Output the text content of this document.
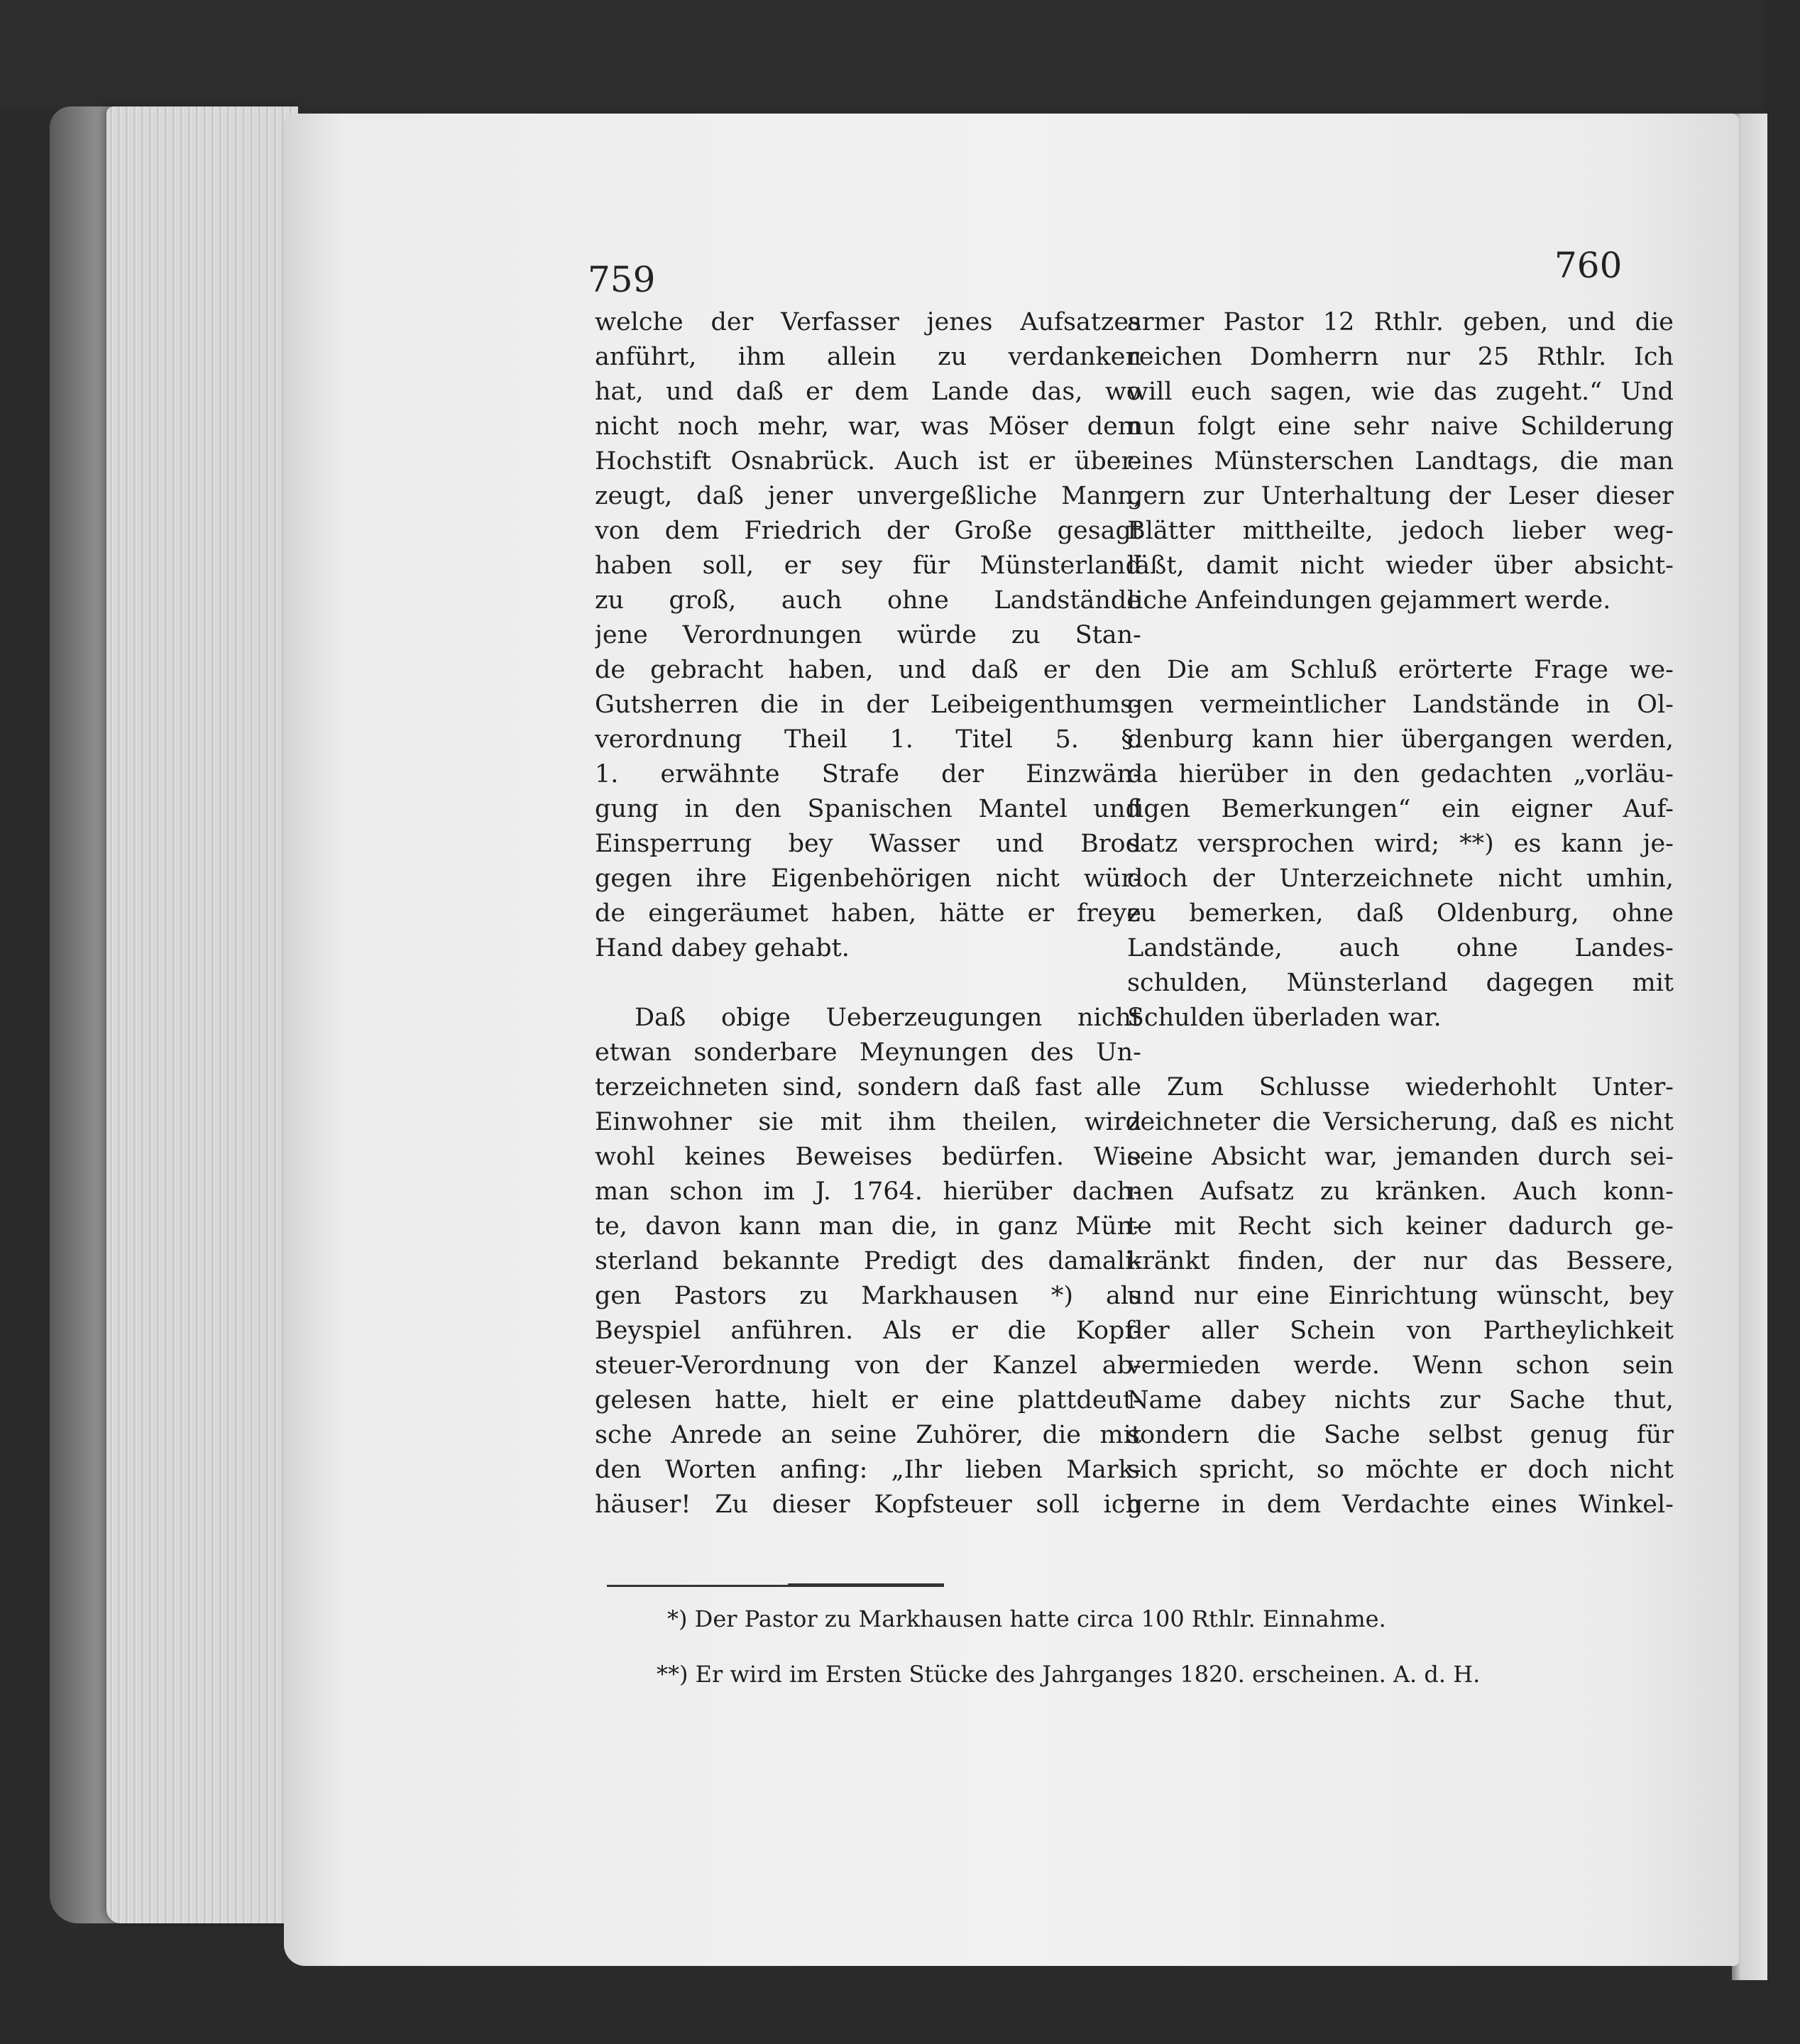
759	760
welche der Verfasser jenes Aufsatzes
anführt, ihm allein zu verdanken
hat, und daß er dem Lande das, wo
nicht noch mehr, war, was Möser dem
Hochstift Osnabrück. Auch ist er über-
zeugt, daß jener unvergeßliche Mann,
von dem Friedrich der Große gesagt
haben soll, er sey für Münsterland
zu groß, auch ohne Landstände
jene Verordnungen würde zu Stan-
de gebracht haben, und daß er den
Gutsherren die in der Leibeigenthums-
verordnung Theil 1. Titel 5. §.
1. erwähnte Strafe der Einzwän-
gung in den Spanischen Mantel und
Einsperrung bey Wasser und Brod
gegen ihre Eigenbehörigen nicht wür-
de eingeräumet haben, hätte er freye
Hand dabey gehabt.
Daß obige Ueberzeugungen nicht
etwan sonderbare Meynungen des Un-
terzeichneten sind, sondern daß fast alle
Einwohner sie mit ihm theilen, wird
wohl keines Beweises bedürfen. Wie
man schon im J. 1764. hierüber dach-
te, davon kann man die, in ganz Mün-
sterland bekannte Predigt des damali-
gen Pastors zu Markhausen *) als
Beyspiel anführen. Als er die Kopf-
steuer-Verordnung von der Kanzel ab-
gelesen hatte, hielt er eine plattdeut-
sche Anrede an seine Zuhörer, die mit
den Worten anfing: „Ihr lieben Mark-
häuser! Zu dieser Kopfsteuer soll ich
armer Pastor 12 Rthlr. geben, und die
reichen Domherrn nur 25 Rthlr. Ich
will euch sagen, wie das zugeht.“ Und
nun folgt eine sehr naive Schilderung
eines Münsterschen Landtags, die man
gern zur Unterhaltung der Leser dieser
Blätter mittheilte, jedoch lieber weg-
läßt, damit nicht wieder über absicht-
liche Anfeindungen gejammert werde.
Die am Schluß erörterte Frage we-
gen vermeintlicher Landstände in Ol-
denburg kann hier übergangen werden,
da hierüber in den gedachten „vorläu-
figen Bemerkungen“ ein eigner Auf-
satz versprochen wird; **) es kann je-
doch der Unterzeichnete nicht umhin,
zu bemerken, daß Oldenburg, ohne
Landstände, auch ohne Landes-
schulden, Münsterland dagegen mit
Schulden überladen war.
Zum Schlusse wiederhohlt Unter-
zeichneter die Versicherung, daß es nicht
seine Absicht war, jemanden durch sei-
nen Aufsatz zu kränken. Auch konn-
te mit Recht sich keiner dadurch ge-
kränkt finden, der nur das Bessere,
und nur eine Einrichtung wünscht, bey
der aller Schein von Partheylichkeit
vermieden werde. Wenn schon sein
Name dabey nichts zur Sache thut,
sondern die Sache selbst genug für
sich spricht, so möchte er doch nicht
gerne in dem Verdachte eines Winkel-
*) Der Pastor zu Markhausen hatte circa 100 Rthlr. Einnahme.
**) Er wird im Ersten Stücke des Jahrganges 1820. erscheinen. A. d. H.
